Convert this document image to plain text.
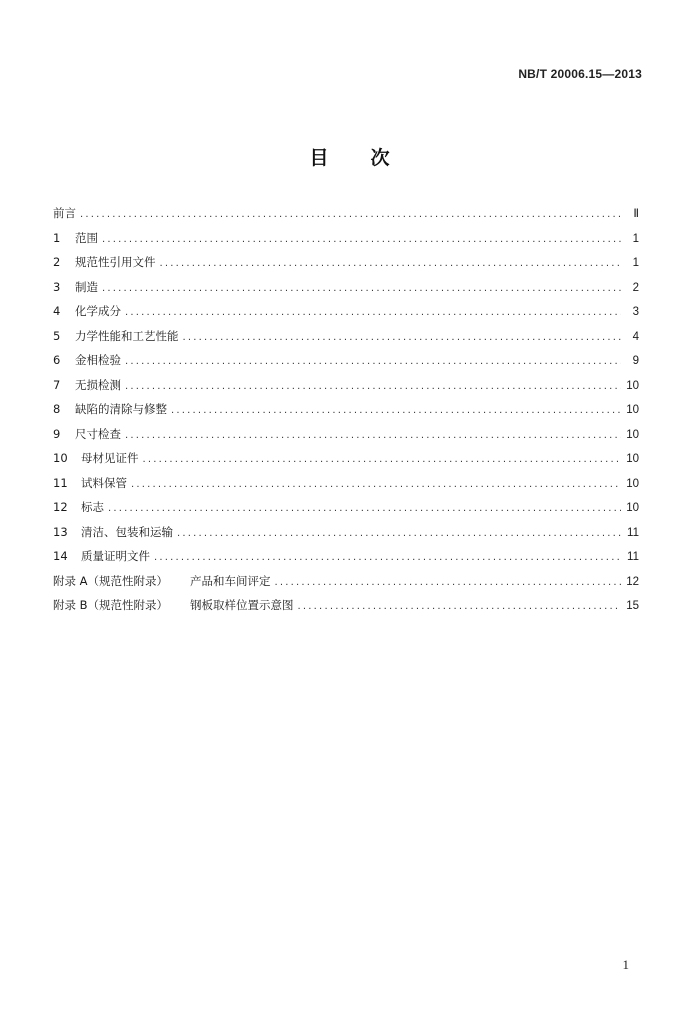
NB/T 20006.15—2013
目 次
前言 .....	Ⅱ
1	范围 .....	1
2	规范性引用文件 .....	1
3	制造 .....	2
4	化学成分 .....	3
5	力学性能和工艺性能 .....	4
6	金相检验 .....	9
7	无损检测 .....	10
8	缺陷的清除与修整 .....	10
9	尺寸检查 .....	10
10	母材见证件 .....	10
11	试料保管 .....	10
12	标志 .....	10
13	清洁、包装和运输 .....	11
14	质量证明文件 .....	11
附录 A（规范性附录） 产品和车间评定 .....	12
附录 B（规范性附录） 钢板取样位置示意图 .....	15
1
